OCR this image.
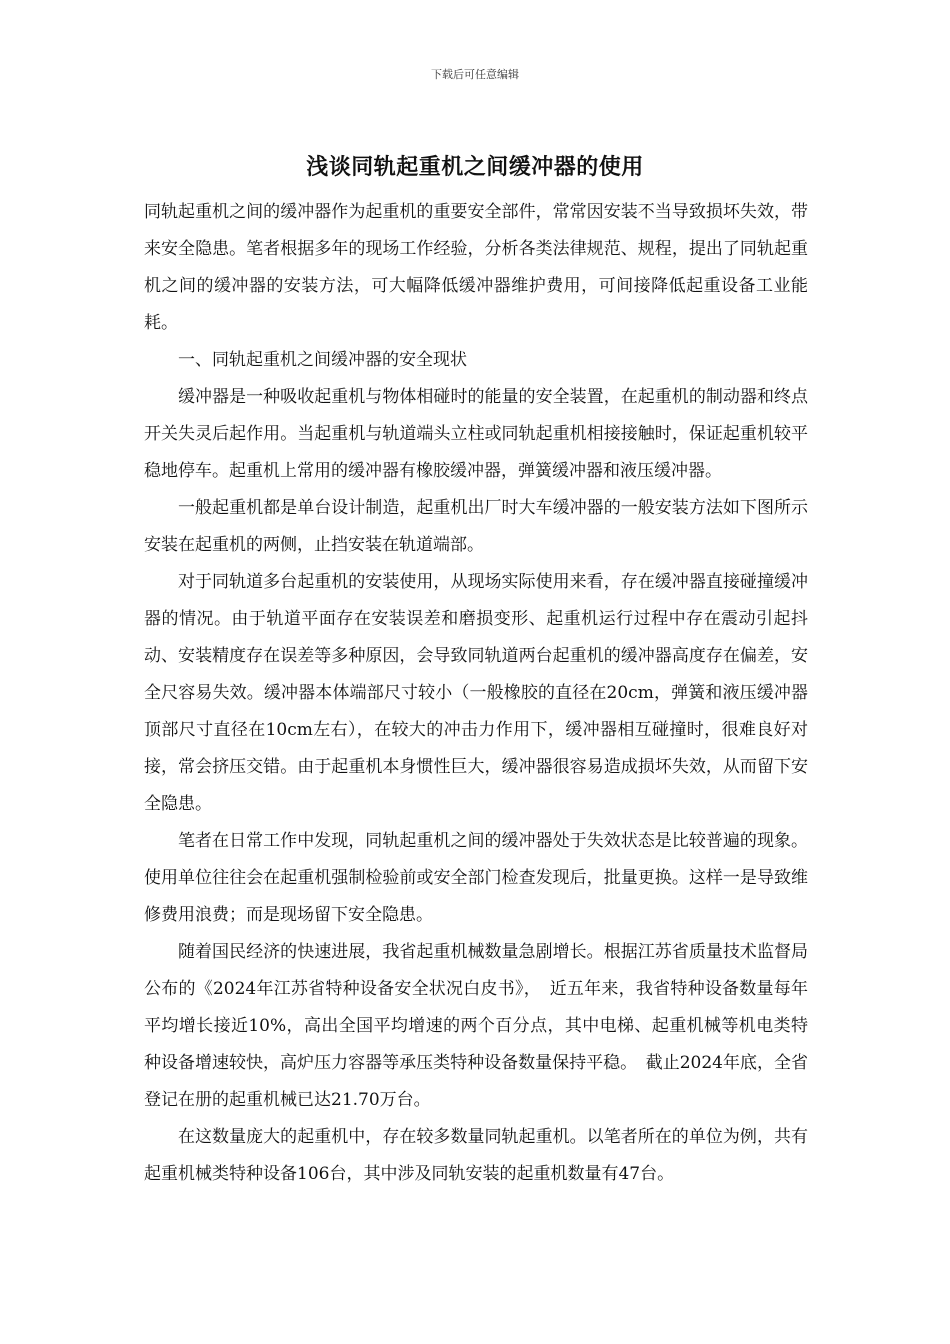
下载后可任意编辑
浅谈同轨起重机之间缓冲器的使用

同轨起重机之间的缓冲器作为起重机的重要安全部件，常常因安装不当导致损坏失效，带来安全隐患。笔者根据多年的现场工作经验，分析各类法律规范、规程，提出了同轨起重机之间的缓冲器的安装方法，可大幅降低缓冲器维护费用，可间接降低起重设备工业能耗。

一、同轨起重机之间缓冲器的安全现状

缓冲器是一种吸收起重机与物体相碰时的能量的安全装置，在起重机的制动器和终点开关失灵后起作用。当起重机与轨道端头立柱或同轨起重机相接接触时，保证起重机较平稳地停车。起重机上常用的缓冲器有橡胶缓冲器，弹簧缓冲器和液压缓冲器。

一般起重机都是单台设计制造，起重机出厂时大车缓冲器的一般安装方法如下图所示安装在起重机的两侧，止挡安装在轨道端部。

对于同轨道多台起重机的安装使用，从现场实际使用来看，存在缓冲器直接碰撞缓冲器的情况。由于轨道平面存在安装误差和磨损变形、起重机运行过程中存在震动引起抖动、安装精度存在误差等多种原因，会导致同轨道两台起重机的缓冲器高度存在偏差，安全尺容易失效。缓冲器本体端部尺寸较小（一般橡胶的直径在20cm，弹簧和液压缓冲器顶部尺寸直径在10cm左右），在较大的冲击力作用下，缓冲器相互碰撞时，很难良好对接，常会挤压交错。由于起重机本身惯性巨大，缓冲器很容易造成损坏失效，从而留下安全隐患。

笔者在日常工作中发现，同轨起重机之间的缓冲器处于失效状态是比较普遍的现象。使用单位往往会在起重机强制检验前或安全部门检查发现后，批量更换。这样一是导致维修费用浪费；而是现场留下安全隐患。

随着国民经济的快速进展，我省起重机械数量急剧增长。根据江苏省质量技术监督局公布的《2024年江苏省特种设备安全状况白皮书》，　近五年来，我省特种设备数量每年平均增长接近10%，高出全国平均增速的两个百分点，其中电梯、起重机械等机电类特种设备增速较快，高炉压力容器等承压类特种设备数量保持平稳。　截止2024年底，全省登记在册的起重机械已达21.70万台。

在这数量庞大的起重机中，存在较多数量同轨起重机。以笔者所在的单位为例，共有起重机械类特种设备106台，其中涉及同轨安装的起重机数量有47台。
